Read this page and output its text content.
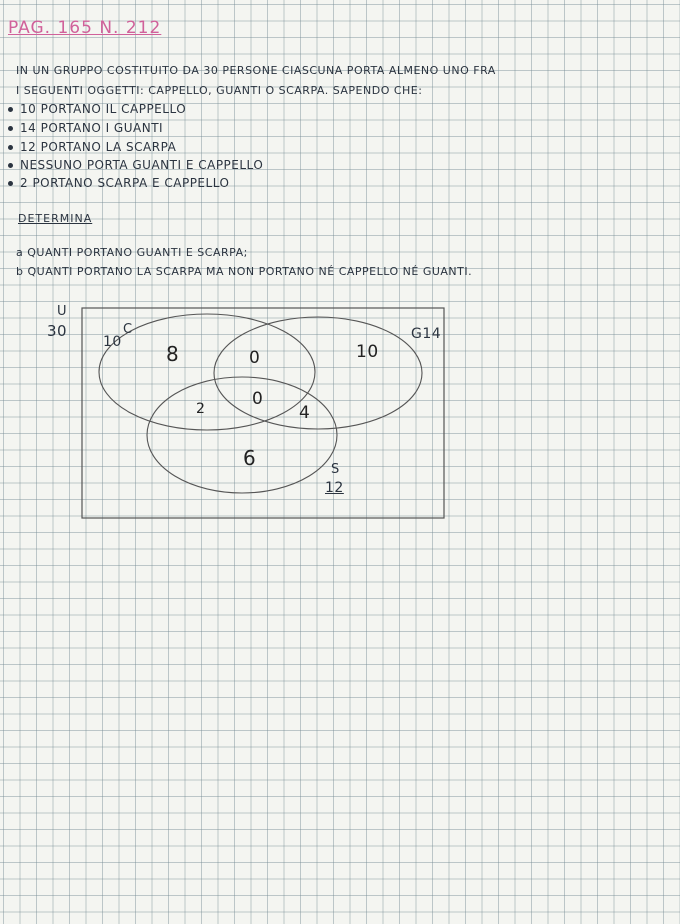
PAG. 165 N. 212
IN UN GRUPPO COSTITUITO DA 30 PERSONE CIASCUNA PORTA ALMENO UNO FRA
I SEGUENTI OGGETTI: CAPPELLO, GUANTI O SCARPA. SAPENDO CHE:
10 PORTANO IL CAPPELLO
14 PORTANO I GUANTI
12 PORTANO LA SCARPA
NESSUNO PORTA GUANTI E CAPPELLO
2 PORTANO SCARPA E CAPPELLO
DETERMINA
a QUANTI PORTANO GUANTI E SCARPA;
b QUANTI PORTANO LA SCARPA MA NON PORTANO NÉ CAPPELLO NÉ GUANTI.
U
30	C
10	G14
S
12
8	0
0
2	4
10
6
